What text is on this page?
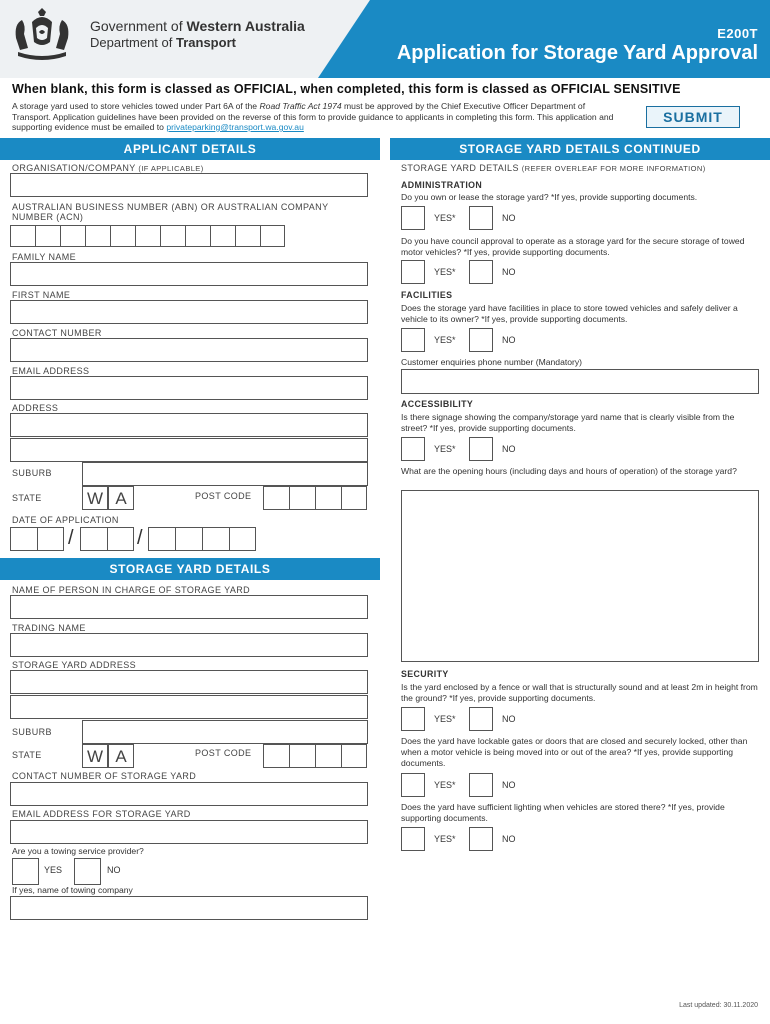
Government of Western Australia
Department of Transport
E200T
Application for Storage Yard Approval
When blank, this form is classed as OFFICIAL, when completed, this form is classed as OFFICIAL SENSITIVE
A storage yard used to store vehicles towed under Part 6A of the Road Traffic Act 1974 must be approved by the Chief Executive Officer Department of Transport. Application guidelines have been provided on the reverse of this form to provide guidance to applicants in completing this form. This application and supporting evidence must be emailed to privateparking@transport.wa.gov.au
SUBMIT
APPLICANT DETAILS
ORGANISATION/COMPANY (IF APPLICABLE)
AUSTRALIAN BUSINESS NUMBER (ABN) OR AUSTRALIAN COMPANY NUMBER (ACN)
FAMILY NAME
FIRST NAME
CONTACT NUMBER
EMAIL ADDRESS
ADDRESS
SUBURB
STATE	W A	POST CODE
DATE OF APPLICATION
/	/
STORAGE YARD DETAILS
NAME OF PERSON IN CHARGE OF STORAGE YARD
TRADING NAME
STORAGE YARD ADDRESS
SUBURB
STATE	W A	POST CODE
CONTACT NUMBER OF STORAGE YARD
EMAIL ADDRESS FOR STORAGE YARD
Are you a towing service provider?
YES	NO
If yes, name of towing company
STORAGE YARD DETAILS CONTINUED
STORAGE YARD DETAILS (REFER OVERLEAF FOR MORE INFORMATION)
ADMINISTRATION
Do you own or lease the storage yard? *If yes, provide supporting documents.
YES*	NO
Do you have council approval to operate as a storage yard for the secure storage of towed motor vehicles? *If yes, provide supporting documents.
YES*	NO
FACILITIES
Does the storage yard have facilities in place to store towed vehicles and safely deliver a vehicle to its owner? *If yes, provide supporting documents.
YES*	NO
Customer enquiries phone number (Mandatory)
ACCESSIBILITY
Is there signage showing the company/storage yard name that is clearly visible from the street? *If yes, provide supporting documents.
YES*	NO
What are the opening hours (including days and hours of operation) of the storage yard?
SECURITY
Is the yard enclosed by a fence or wall that is structurally sound and at least 2m in height from the ground? *If yes, provide supporting documents.
YES*	NO
Does the yard have lockable gates or doors that are closed and securely locked, other than when a motor vehicle is being moved into or out of the area? *If yes, provide supporting documents.
YES*	NO
Does the yard have sufficient lighting when vehicles are stored there? *If yes, provide supporting documents.
YES*	NO
Last updated: 30.11.2020
